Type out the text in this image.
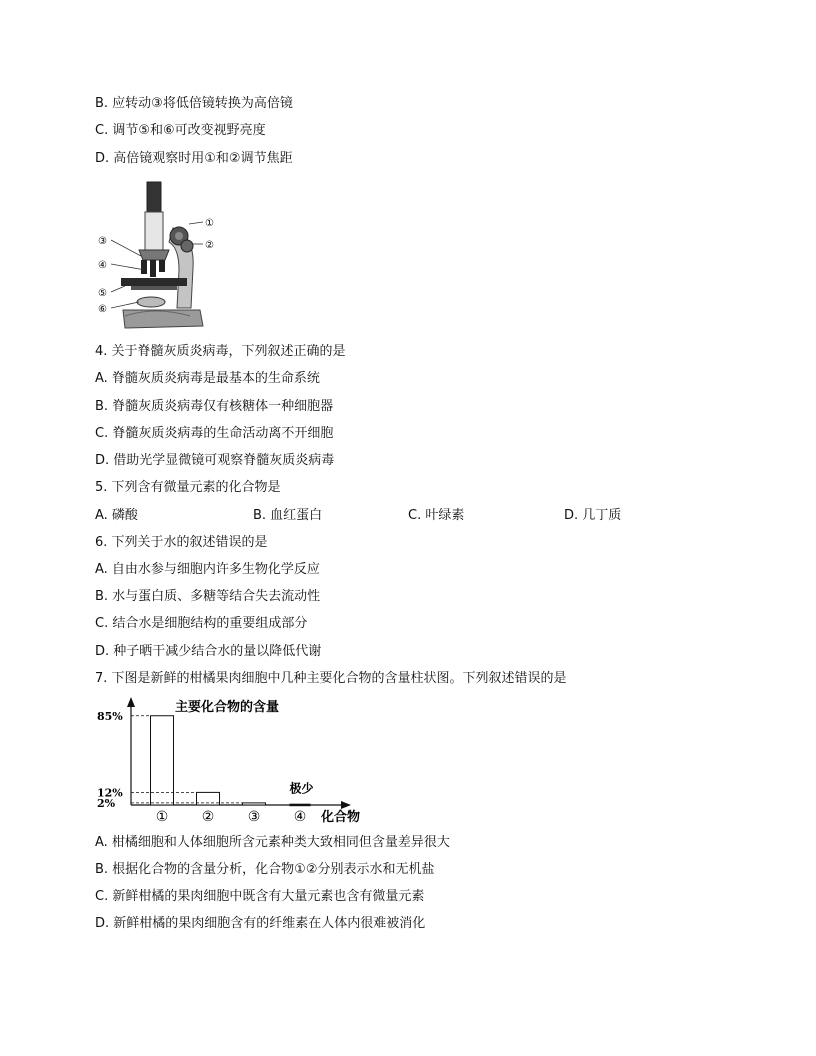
B. 应转动③将低倍镜转换为高倍镜
C. 调节⑤和⑥可改变视野亮度
D. 高倍镜观察时用①和②调节焦距
①
②
③
④
⑤
⑥
4. 关于脊髓灰质炎病毒，下列叙述正确的是
A. 脊髓灰质炎病毒是最基本的生命系统
B. 脊髓灰质炎病毒仅有核糖体一种细胞器
C. 脊髓灰质炎病毒的生命活动离不开细胞
D. 借助光学显微镜可观察脊髓灰质炎病毒
5. 下列含有微量元素的化合物是
A. 磷酸	B. 血红蛋白	C. 叶绿素	D. 几丁质
6. 下列关于水的叙述错误的是
A. 自由水参与细胞内许多生物化学反应
B. 水与蛋白质、多糖等结合失去流动性
C. 结合水是细胞结构的重要组成部分
D. 种子晒干减少结合水的量以降低代谢
7. 下图是新鲜的柑橘果肉细胞中几种主要化合物的含量柱状图。下列叙述错误的是
主要化合物的含量
化合物
85%
①
12%
②
2%
③
极少
④
A. 柑橘细胞和人体细胞所含元素种类大致相同但含量差异很大
B. 根据化合物的含量分析，化合物①②分别表示水和无机盐
C. 新鲜柑橘的果肉细胞中既含有大量元素也含有微量元素
D. 新鲜柑橘的果肉细胞含有的纤维素在人体内很难被消化
